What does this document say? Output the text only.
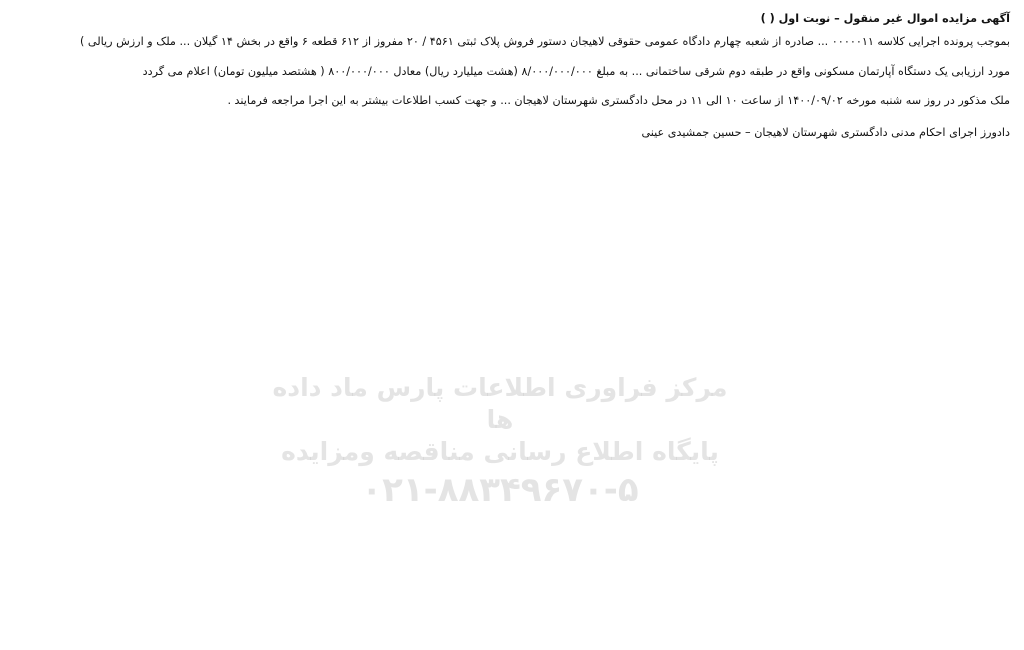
آگهی مزایده اموال غیر منقول – نوبت اول ( )

بموجب پرونده اجرایی کلاسه ۰۰۰۰۰۱۱ ... صادره از شعبه چهارم دادگاه عمومی حقوقی لاهیجان دستور فروش پلاک ثبتی ۴۵۶۱ / ۲۰ مفروز از ۶۱۲ قطعه ۶ واقع در بخش ۱۴ گیلان ... ملک و ارزش ریالی )

مورد ارزیابی یک دستگاه آپارتمان مسکونی واقع در طبقه دوم شرقی ساختمانی ... به مبلغ ۸/۰۰۰/۰۰۰/۰۰۰ (هشت میلیارد ریال) معادل ۸۰۰/۰۰۰/۰۰۰ ( هشتصد میلیون تومان) اعلام می گردد

ملک مذکور در روز سه شنبه مورخه ۱۴۰۰/۰۹/۰۲ از ساعت ۱۰ الی ۱۱ در محل دادگستری شهرستان لاهیجان ... و جهت کسب اطلاعات بیشتر به این اجرا مراجعه فرمایند .

دادورز اجرای احکام مدنی دادگستری شهرستان لاهیجان – حسین جمشیدی عینی

مرکز فراوری اطلاعات پارس ماد داده ها
پایگاه اطلاع رسانی مناقصه ومزایده
۰۲۱-۸۸۳۴۹۶۷۰-۵
